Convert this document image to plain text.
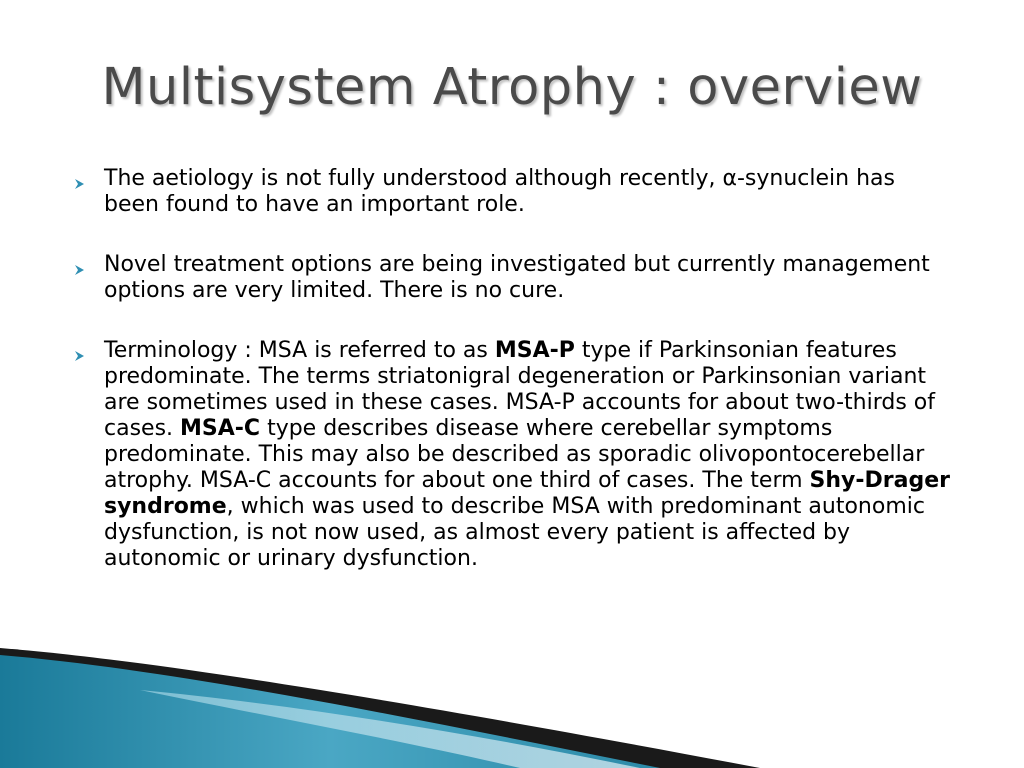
Multisystem Atrophy : overview
The aetiology is not fully understood although recently, α-synuclein has been found to have an important role.
Novel treatment options are being investigated but currently management options are very limited. There is no cure.
Terminology : MSA is referred to as MSA-P type if Parkinsonian features predominate. The terms striatonigral degeneration or Parkinsonian variant are sometimes used in these cases. MSA-P accounts for about two-thirds of cases. MSA-C type describes disease where cerebellar symptoms predominate. This may also be described as sporadic olivopontocerebellar atrophy. MSA-C accounts for about one third of cases. The term Shy-Drager syndrome, which was used to describe MSA with predominant autonomic dysfunction, is not now used, as almost every patient is affected by autonomic or urinary dysfunction.
